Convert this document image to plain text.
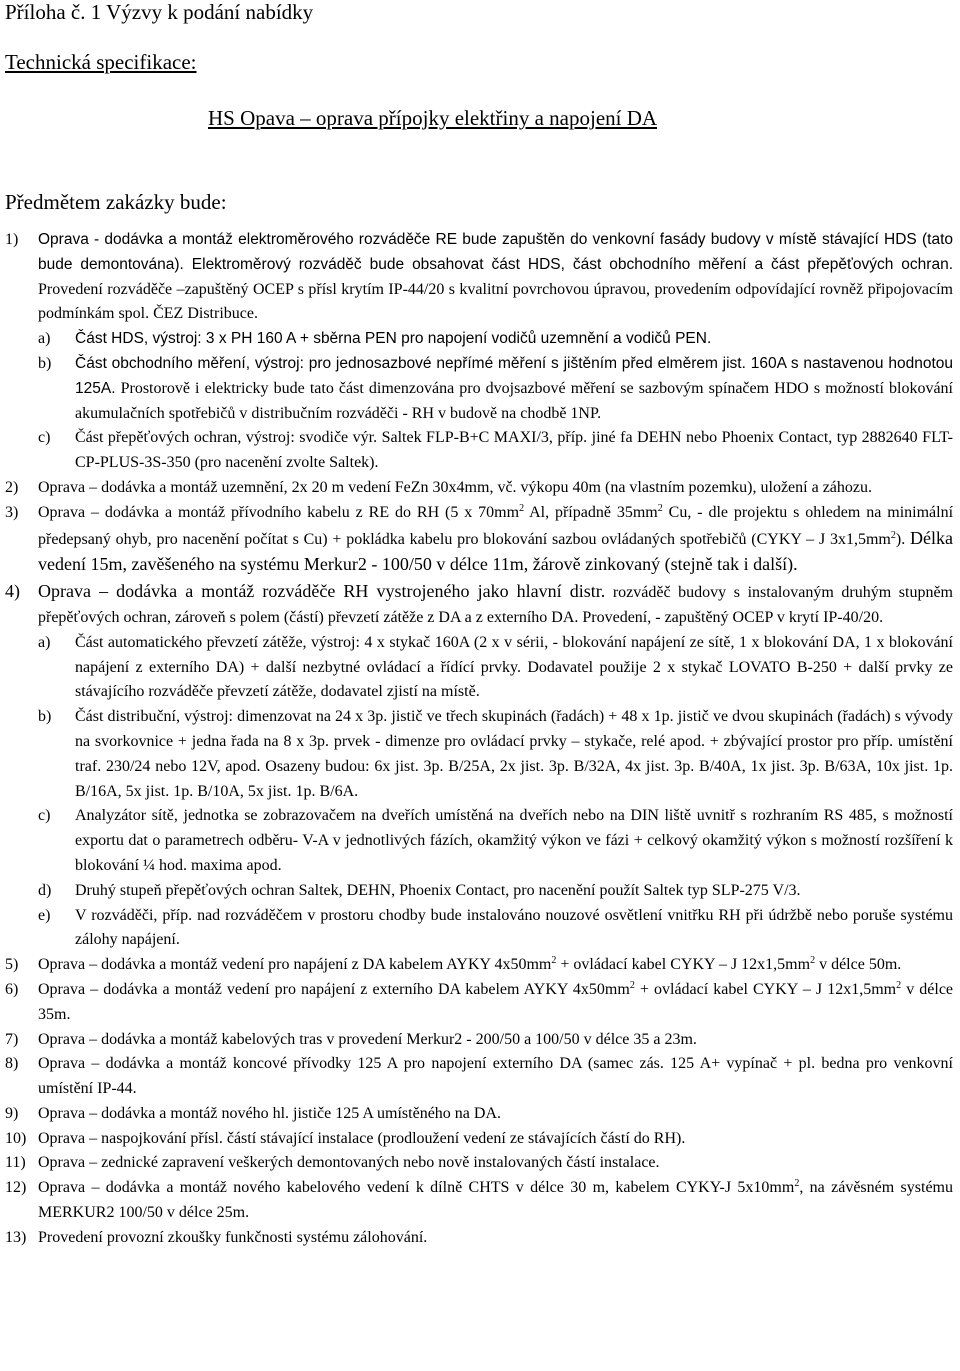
Příloha č. 1 Výzvy k podání nabídky
Technická specifikace:
HS Opava – oprava přípojky elektřiny a napojení DA
Předmětem zakázky bude:
1)	Oprava - dodávka a montáž elektroměrového rozváděče RE bude zapuštěn do venkovní fasády budovy v místě stávající HDS (tato bude demontována). Elektroměrový rozváděč bude obsahovat část HDS, část obchodního měření a část přepěťových ochran. Provedení rozváděče –zapuštěný OCEP s přísl krytím IP-44/20 s kvalitní povrchovou úpravou, provedením odpovídající rovněž připojovacím podmínkám spol. ČEZ Distribuce.
a)	Část HDS, výstroj: 3 x PH 160 A + sběrna PEN pro napojení vodičů uzemnění a vodičů PEN.
b)	Část obchodního měření, výstroj: pro jednosazbové nepřímé měření s jištěním před elměrem jist. 160A s nastavenou hodnotou 125A. Prostorově i elektricky bude tato část dimenzována pro dvojsazbové měření se sazbovým spínačem HDO s možností blokování akumulačních spotřebičů v distribučním rozváděči - RH v budově na chodbě 1NP.
c)	Část přepěťových ochran, výstroj: svodiče výr. Saltek FLP-B+C MAXI/3, příp. jiné fa DEHN nebo Phoenix Contact, typ 2882640 FLT-CP-PLUS-3S-350 (pro nacenění zvolte Saltek).
2)	Oprava – dodávka a montáž uzemnění, 2x 20 m vedení FeZn 30x4mm, vč. výkopu 40m (na vlastním pozemku), uložení a záhozu.
3)	Oprava – dodávka a montáž přívodního kabelu z RE do RH (5 x $70mm^2$ Al, případně $35mm^2$ Cu, - dle projektu s ohledem na minimální předepsaný ohyb, pro nacenění počítat s Cu) + pokládka kabelu pro blokování sazbou ovládaných spotřebičů (CYKY – J $3x1,5mm^2$). Délka vedení 15m, zavěšeného na systému Merkur2 - 100/50 v délce 11m, žárově zinkovaný (stejně tak i další).
4)	Oprava – dodávka a montáž rozváděče RH vystrojeného jako hlavní distr. rozváděč budovy s instalovaným druhým stupněm přepěťových ochran, zároveň s polem (částí) převzetí zátěže z DA a z externího DA. Provedení, - zapuštěný OCEP v krytí IP-40/20.
a)	Část automatického převzetí zátěže, výstroj: 4 x stykač 160A (2 x v sérii, - blokování napájení ze sítě, 1 x blokování DA, 1 x blokování napájení z externího DA) + další nezbytné ovládací a řídící prvky. Dodavatel použije 2 x stykač LOVATO B-250 + další prvky ze stávajícího rozváděče převzetí zátěže, dodavatel zjistí na místě.
b)	Část distribuční, výstroj: dimenzovat na 24 x 3p. jistič ve třech skupinách (řadách) + 48 x 1p. jistič ve dvou skupinách (řadách) s vývody na svorkovnice + jedna řada na 8 x 3p. prvek - dimenze pro ovládací prvky – stykače, relé apod. + zbývající prostor pro příp. umístění traf. 230/24 nebo 12V, apod. Osazeny budou: 6x jist. 3p. B/25A, 2x jist. 3p. B/32A, 4x jist. 3p. B/40A, 1x jist. 3p. B/63A, 10x jist. 1p. B/16A, 5x jist. 1p. B/10A, 5x jist. 1p. B/6A.
c)	Analyzátor sítě, jednotka se zobrazovačem na dveřích umístěná na dveřích nebo na DIN liště uvnitř s rozhraním RS 485, s možností exportu dat o parametrech odběru- V-A v jednotlivých fázích, okamžitý výkon ve fázi + celkový okamžitý výkon s možností rozšíření k blokování ¼ hod. maxima apod.
d)	Druhý stupeň přepěťových ochran Saltek, DEHN, Phoenix Contact, pro nacenění použít Saltek typ SLP-275 V/3.
e)	V rozváděči, příp. nad rozváděčem v prostoru chodby bude instalováno nouzové osvětlení vnitřku RH při údržbě nebo poruše systému zálohy napájení.
5)	Oprava – dodávka a montáž vedení pro napájení z DA kabelem AYKY $4x50mm^2$ + ovládací kabel CYKY – J $12x1,5mm^2$ v délce 50m.
6)	Oprava – dodávka a montáž vedení pro napájení z externího DA kabelem AYKY $4x50mm^2$ + ovládací kabel CYKY – J $12x1,5mm^2$ v délce 35m.
7)	Oprava – dodávka a montáž kabelových tras v provedení Merkur2 - 200/50 a 100/50 v délce 35 a 23m.
8)	Oprava – dodávka a montáž koncové přívodky 125 A pro napojení externího DA (samec zás. 125 A+ vypínač + pl. bedna pro venkovní umístění IP-44.
9)	Oprava – dodávka a montáž nového hl. jističe 125 A umístěného na DA.
10) Oprava – naspojkování přísl. částí stávající instalace (prodloužení vedení ze stávajících částí do RH).
11) Oprava – zednické zapravení veškerých demontovaných nebo nově instalovaných částí instalace.
12) Oprava – dodávka a montáž nového kabelového vedení k dílně CHTS v délce 30 m, kabelem CYKY-J $5x10mm^2$, na závěsném systému MERKUR2 100/50 v délce 25m.
13) Provedení provozní zkoušky funkčnosti systému zálohování.
